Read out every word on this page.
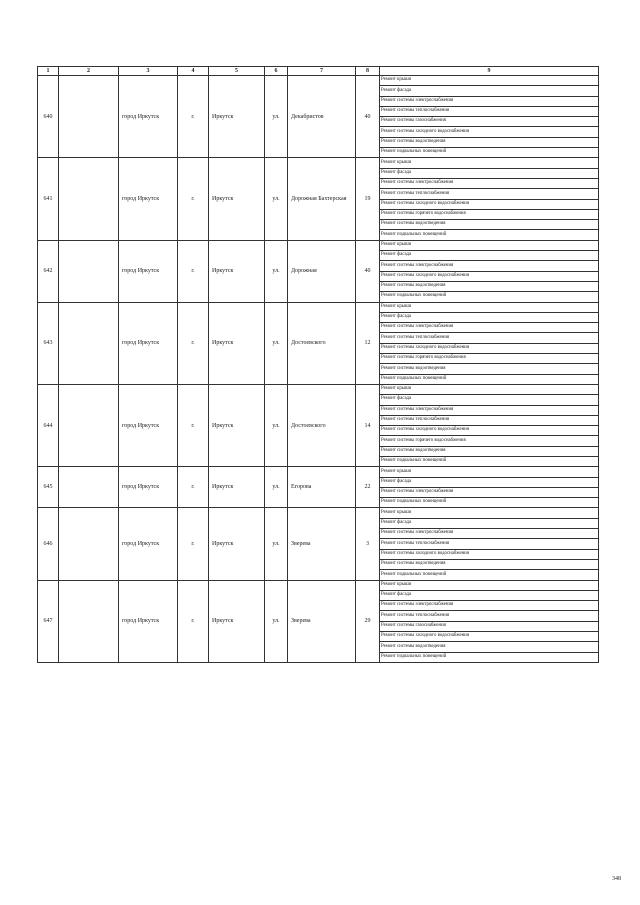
1	2	3	4	5	6	7	8	9
640		город Иркутск	г.	Иркутск	ул.	Декабристов	40	Ремонт крыши
								Ремонт фасада
								Ремонт системы электроснабжения
								Ремонт системы теплоснабжения
								Ремонт системы газоснабжения
								Ремонт системы холодного водоснабжения
								Ремонт системы водоотведения
								Ремонт подвальных помещений
641		город Иркутск	г.	Иркутск	ул.	Дорожная Бахтерская	19	Ремонт крыши
								Ремонт фасада
								Ремонт системы электроснабжения
								Ремонт системы теплоснабжения
								Ремонт системы холодного водоснабжения
								Ремонт системы горячего водоснабжения
								Ремонт системы водоотведения
								Ремонт подвальных помещений
642		город Иркутск	г.	Иркутск	ул.	Дорожная	40	Ремонт крыши
								Ремонт фасада
								Ремонт системы электроснабжения
								Ремонт системы холодного водоснабжения
								Ремонт системы водоотведения
								Ремонт подвальных помещений
643		город Иркутск	г.	Иркутск	ул.	Достоевского	12	Ремонт крыши
								Ремонт фасада
								Ремонт системы электроснабжения
								Ремонт системы теплоснабжения
								Ремонт системы холодного водоснабжения
								Ремонт системы горячего водоснабжения
								Ремонт системы водоотведения
								Ремонт подвальных помещений
644		город Иркутск	г.	Иркутск	ул.	Достоевского	14	Ремонт крыши
								Ремонт фасада
								Ремонт системы электроснабжения
								Ремонт системы теплоснабжения
								Ремонт системы холодного водоснабжения
								Ремонт системы горячего водоснабжения
								Ремонт системы водоотведения
								Ремонт подвальных помещений
645		город Иркутск	г.	Иркутск	ул.	Егорова	22	Ремонт крыши
								Ремонт фасада
								Ремонт системы электроснабжения
								Ремонт подвальных помещений
646		город Иркутск	г.	Иркутск	ул.	Зверева	3	Ремонт крыши
								Ремонт фасада
								Ремонт системы электроснабжения
								Ремонт системы теплоснабжения
								Ремонт системы холодного водоснабжения
								Ремонт системы водоотведения
								Ремонт подвальных помещений
647		город Иркутск	г.	Иркутск	ул.	Зверева	29	Ремонт крыши
								Ремонт фасада
								Ремонт системы электроснабжения
								Ремонт системы теплоснабжения
								Ремонт системы газоснабжения
								Ремонт системы холодного водоснабжения
								Ремонт системы водоотведения
								Ремонт подвальных помещений
348
